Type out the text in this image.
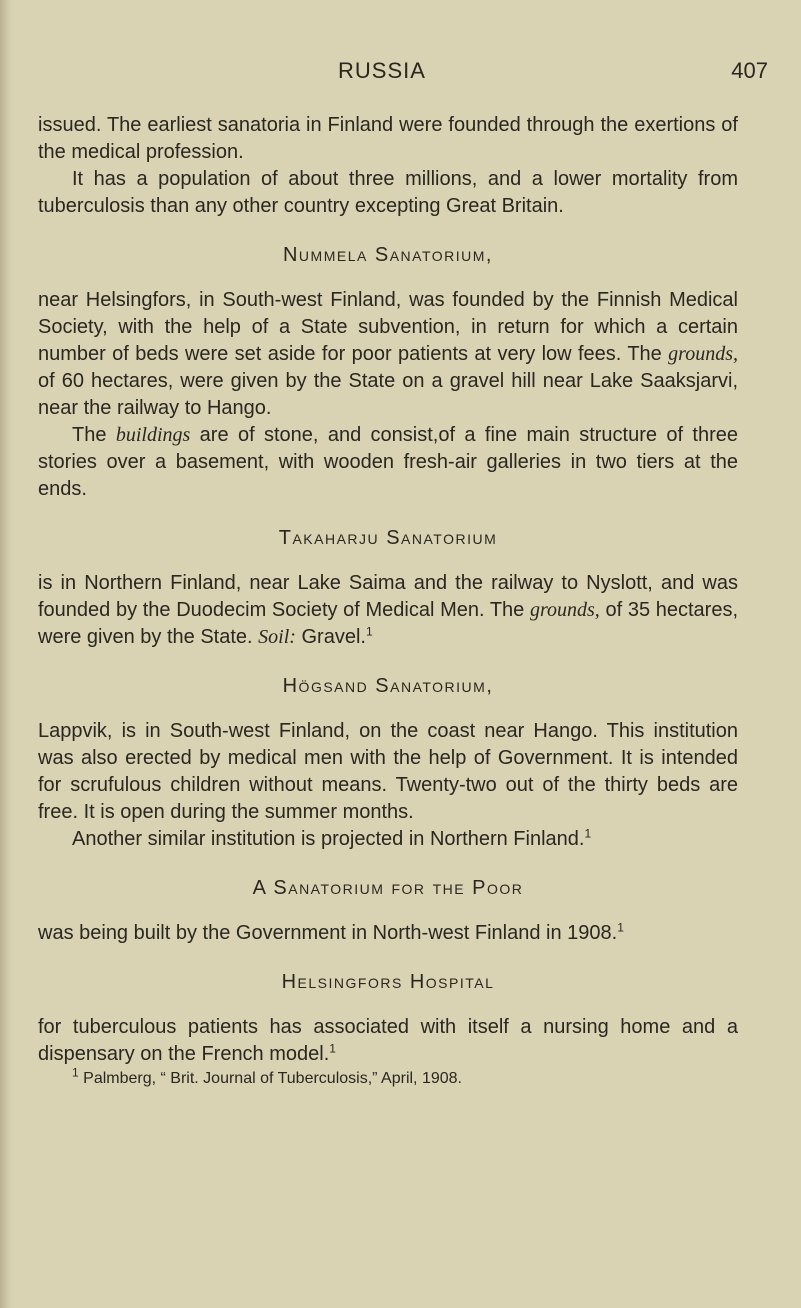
RUSSIA	407

issued. The earliest sanatoria in Finland were founded through the exertions of the medical profession.

It has a population of about three millions, and a lower mortality from tuberculosis than any other country excepting Great Britain.

Nummela Sanatorium,

near Helsingfors, in South-west Finland, was founded by the Finnish Medical Society, with the help of a State subvention, in return for which a certain number of beds were set aside for poor patients at very low fees. The grounds, of 60 hectares, were given by the State on a gravel hill near Lake Saaksjarvi, near the railway to Hango.

The buildings are of stone, and consist,of a fine main structure of three stories over a basement, with wooden fresh-air galleries in two tiers at the ends.

Takaharju Sanatorium

is in Northern Finland, near Lake Saima and the railway to Nyslott, and was founded by the Duodecim Society of Medical Men. The grounds, of 35 hectares, were given by the State. Soil: Gravel.$^1$

Högsand Sanatorium,

Lappvik, is in South-west Finland, on the coast near Hango. This institution was also erected by medical men with the help of Government. It is intended for scrufulous children without means. Twenty-two out of the thirty beds are free. It is open during the summer months.

Another similar institution is projected in Northern Finland.$^1$

A Sanatorium for the Poor

was being built by the Government in North-west Finland in 1908.$^1$

Helsingfors Hospital

for tuberculous patients has associated with itself a nursing home and a dispensary on the French model.$^1$

$^1$ Palmberg, “ Brit. Journal of Tuberculosis,” April, 1908.
